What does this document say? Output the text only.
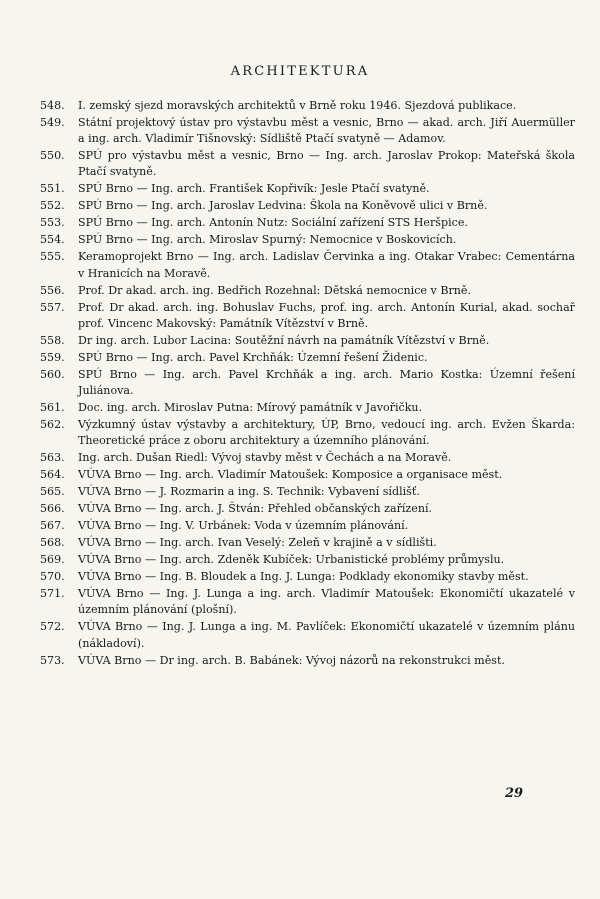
ARCHITEKTURA
548.	I. zemský sjezd moravských architektů v Brně roku 1946. Sjezdová publikace.
549.	Státní projektový ústav pro výstavbu měst a vesnic, Brno — akad. arch. Jiří Auermüller a ing. arch. Vladimír Tišnovský: Sídliště Ptačí svatyně — Adamov.
550.	SPÚ pro výstavbu měst a vesnic, Brno — Ing. arch. Jaroslav Prokop: Mateřská škola Ptačí svatyně.
551.	SPÚ Brno — Ing. arch. František Kopřivík: Jesle Ptačí svatyně.
552.	SPÚ Brno — Ing. arch. Jaroslav Ledvina: Škola na Koněvově ulici v Brně.
553.	SPÚ Brno — Ing. arch. Antonín Nutz: Sociální zařízení STS Heršpice.
554.	SPÚ Brno — Ing. arch. Miroslav Spurný: Nemocnice v Boskovicích.
555.	Keramoprojekt Brno — Ing. arch. Ladislav Červinka a ing. Otakar Vrabec: Cementárna v Hranicích na Moravě.
556.	Prof. Dr akad. arch. ing. Bedřich Rozehnal: Dětská nemocnice v Brně.
557.	Prof. Dr akad. arch. ing. Bohuslav Fuchs, prof. ing. arch. Antonín Kurial, akad. sochař prof. Vincenc Makovský: Památník Vítězství v Brně.
558.	Dr ing. arch. Lubor Lacina: Soutěžní návrh na památník Vítězství v Brně.
559.	SPÚ Brno — Ing. arch. Pavel Krchňák: Územní řešení Židenic.
560.	SPÚ Brno — Ing. arch. Pavel Krchňák a ing. arch. Mario Kostka: Územní řešení Juliánova.
561.	Doc. ing. arch. Miroslav Putna: Mírový památník v Javořičku.
562.	Výzkumný ústav výstavby a architektury, ÚP, Brno, vedoucí ing. arch. Evžen Škarda: Theoretické práce z oboru architektury a územního plánování.
563.	Ing. arch. Dušan Riedl: Vývoj stavby měst v Čechách a na Moravě.
564.	VÚVA Brno — Ing. arch. Vladimír Matoušek: Komposice a organisace měst.
565.	VÚVA Brno — J. Rozmarin a ing. S. Technik: Vybavení sídlišť.
566.	VÚVA Brno — Ing. arch. J. Štván: Přehled občanských zařízení.
567.	VÚVA Brno — Ing. V. Urbánek: Voda v územním plánování.
568.	VÚVA Brno — Ing. arch. Ivan Veselý: Zeleň v krajině a v sídlišti.
569.	VÚVA Brno — Ing. arch. Zdeněk Kubíček: Urbanistické problémy průmyslu.
570.	VÚVA Brno — Ing. B. Bloudek a Ing. J. Lunga: Podklady ekonomiky stavby měst.
571.	VÚVA Brno — Ing. J. Lunga a ing. arch. Vladimír Matoušek: Ekonomičtí ukazatelé v územním plánování (plošní).
572.	VÚVA Brno — Ing. J. Lunga a ing. M. Pavlíček: Ekonomičtí ukazatelé v územním plánu (nákladoví).
573.	VÚVA Brno — Dr ing. arch. B. Babánek: Vývoj názorů na rekonstrukci měst.
29
